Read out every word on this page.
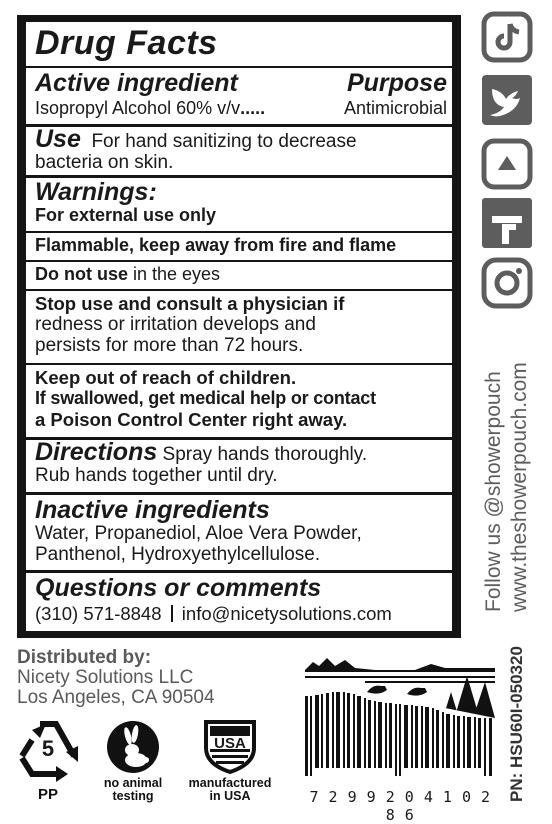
Drug Facts
Active ingredient	Purpose
Isopropyl Alcohol 60% v/v.....	Antimicrobial
Use For hand sanitizing to decrease
bacteria on skin.
Warnings:
For external use only
Flammable, keep away from fire and flame
Do not use in the eyes
Stop use and consult a physician if
redness or irritation develops and
persists for more than 72 hours.
Keep out of reach of children.
If swallowed, get medical help or contact
a Poison Control Center right away.
Directions Spray hands thoroughly.
Rub hands together until dry.
Inactive ingredients
Water, Propanediol, Aloe Vera Powder,
Panthenol, Hydroxyethylcellulose.
Questions or comments
(310) 571-8848 info@nicetysolutions.com
Follow us @showerpouch www.theshowerpouch.com
PN: HSU60I-050320
Distributed by:
Nicety Solutions LLC
Los Angeles, CA 90504
5
PP
no animal
testing
USA
manufactured
in USA	7 2 9 9 2 0 4 1 0 2 8 6
